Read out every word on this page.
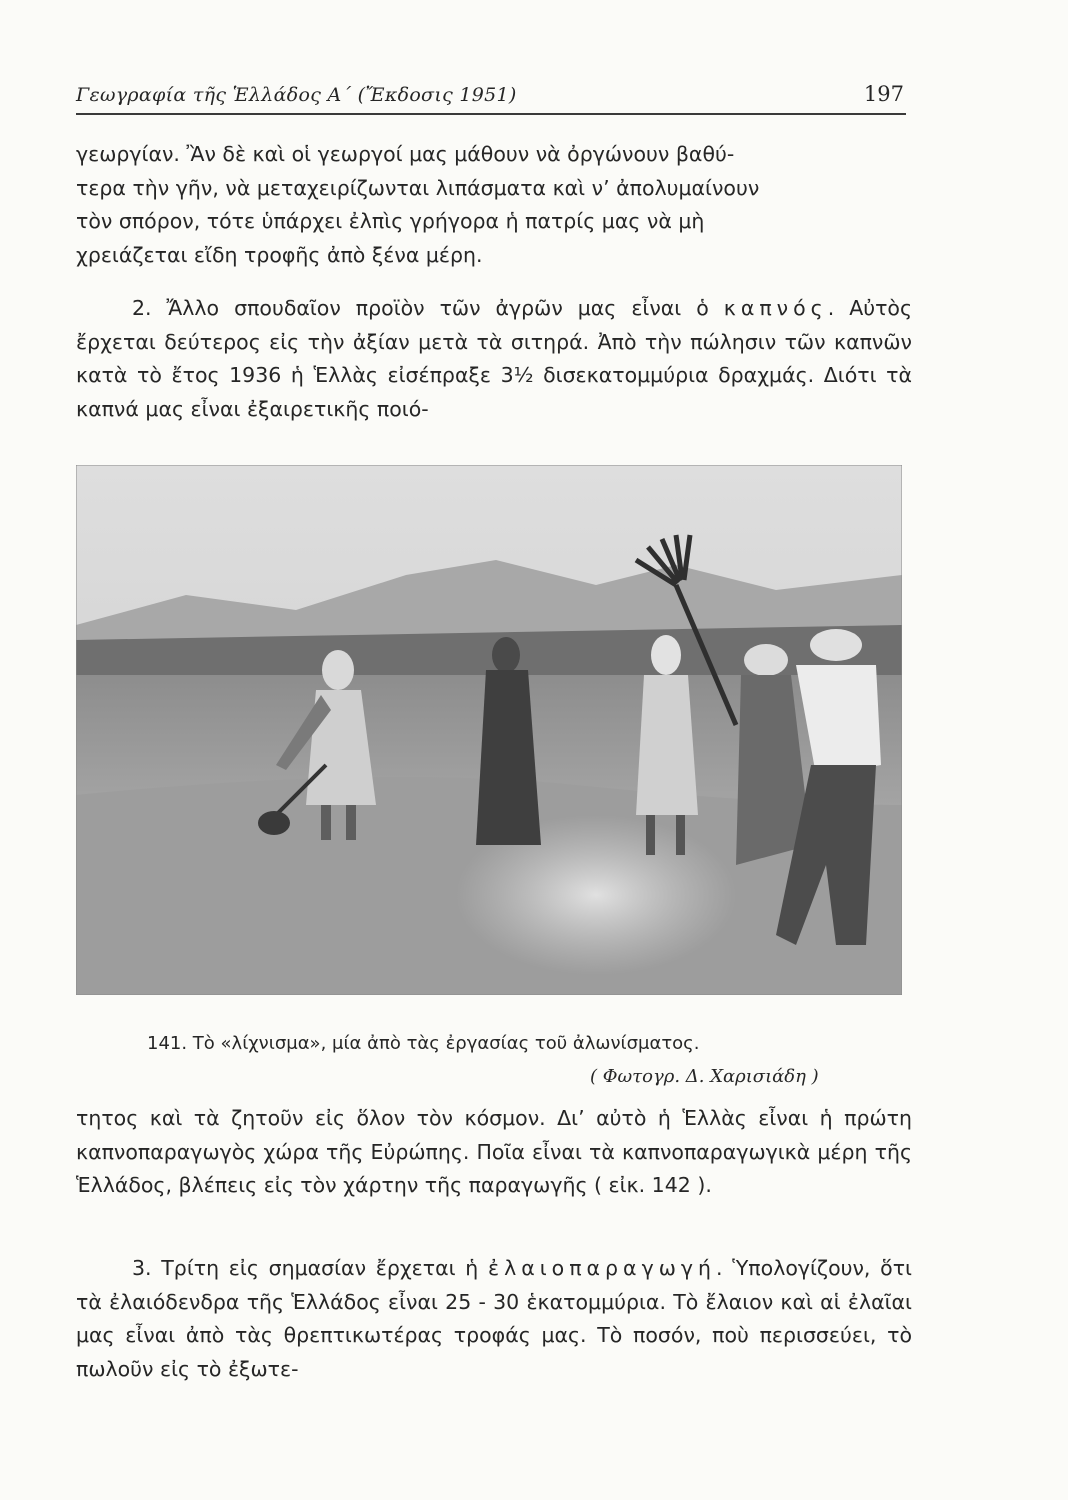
Γεωγραφία τῆς Ἑλλάδος Α΄ (Ἔκδοσις 1951)	197
γεωργίαν. Ἂν δὲ καὶ οἱ γεωργοί μας μάθουν νὰ ὀργώνουν βαθύ-
τερα τὴν γῆν, νὰ μεταχειρίζωνται λιπάσματα καὶ ν’ ἀπολυμαίνουν
τὸν σπόρον, τότε ὑπάρχει ἐλπὶς γρήγορα ἡ πατρίς μας νὰ μὴ
χρειάζεται εἴδη τροφῆς ἀπὸ ξένα μέρη.

2. Ἄλλο σπουδαῖον προϊὸν τῶν ἀγρῶν μας εἶναι ὁ καπνός. Αὐτὸς ἔρχεται δεύτερος εἰς τὴν ἀξίαν μετὰ τὰ σιτηρά. Ἀπὸ τὴν πώλησιν τῶν καπνῶν κατὰ τὸ ἔτος 1936 ἡ Ἑλλὰς εἰσέπραξε 3½ δισεκατομμύρια δραχμάς. Διότι τὰ καπνά μας εἶναι ἐξαιρετικῆς ποιό-

141. Τὸ «λίχνισμα», μία ἀπὸ τὰς ἐργασίας τοῦ ἀλωνίσματος.
( Φωτογρ. Δ. Χαρισιάδη )

τητος καὶ τὰ ζητοῦν εἰς ὅλον τὸν κόσμον. Δι’ αὐτὸ ἡ Ἑλλὰς εἶναι ἡ πρώτη καπνοπαραγωγὸς χώρα τῆς Εὐρώπης. Ποῖα εἶναι τὰ καπνοπαραγωγικὰ μέρη τῆς Ἑλλάδος, βλέπεις εἰς τὸν χάρτην τῆς παραγωγῆς ( εἰκ. 142 ).

3. Τρίτη εἰς σημασίαν ἔρχεται ἡ ἐλαιοπαραγωγή. Ὑπολογίζουν, ὅτι τὰ ἐλαιόδενδρα τῆς Ἑλλάδος εἶναι 25 - 30 ἑκατομμύρια. Τὸ ἔλαιον καὶ αἱ ἐλαῖαι μας εἶναι ἀπὸ τὰς θρεπτικωτέρας τροφάς μας. Τὸ ποσόν, ποὺ περισσεύει, τὸ πωλοῦν εἰς τὸ ἐξωτε-
